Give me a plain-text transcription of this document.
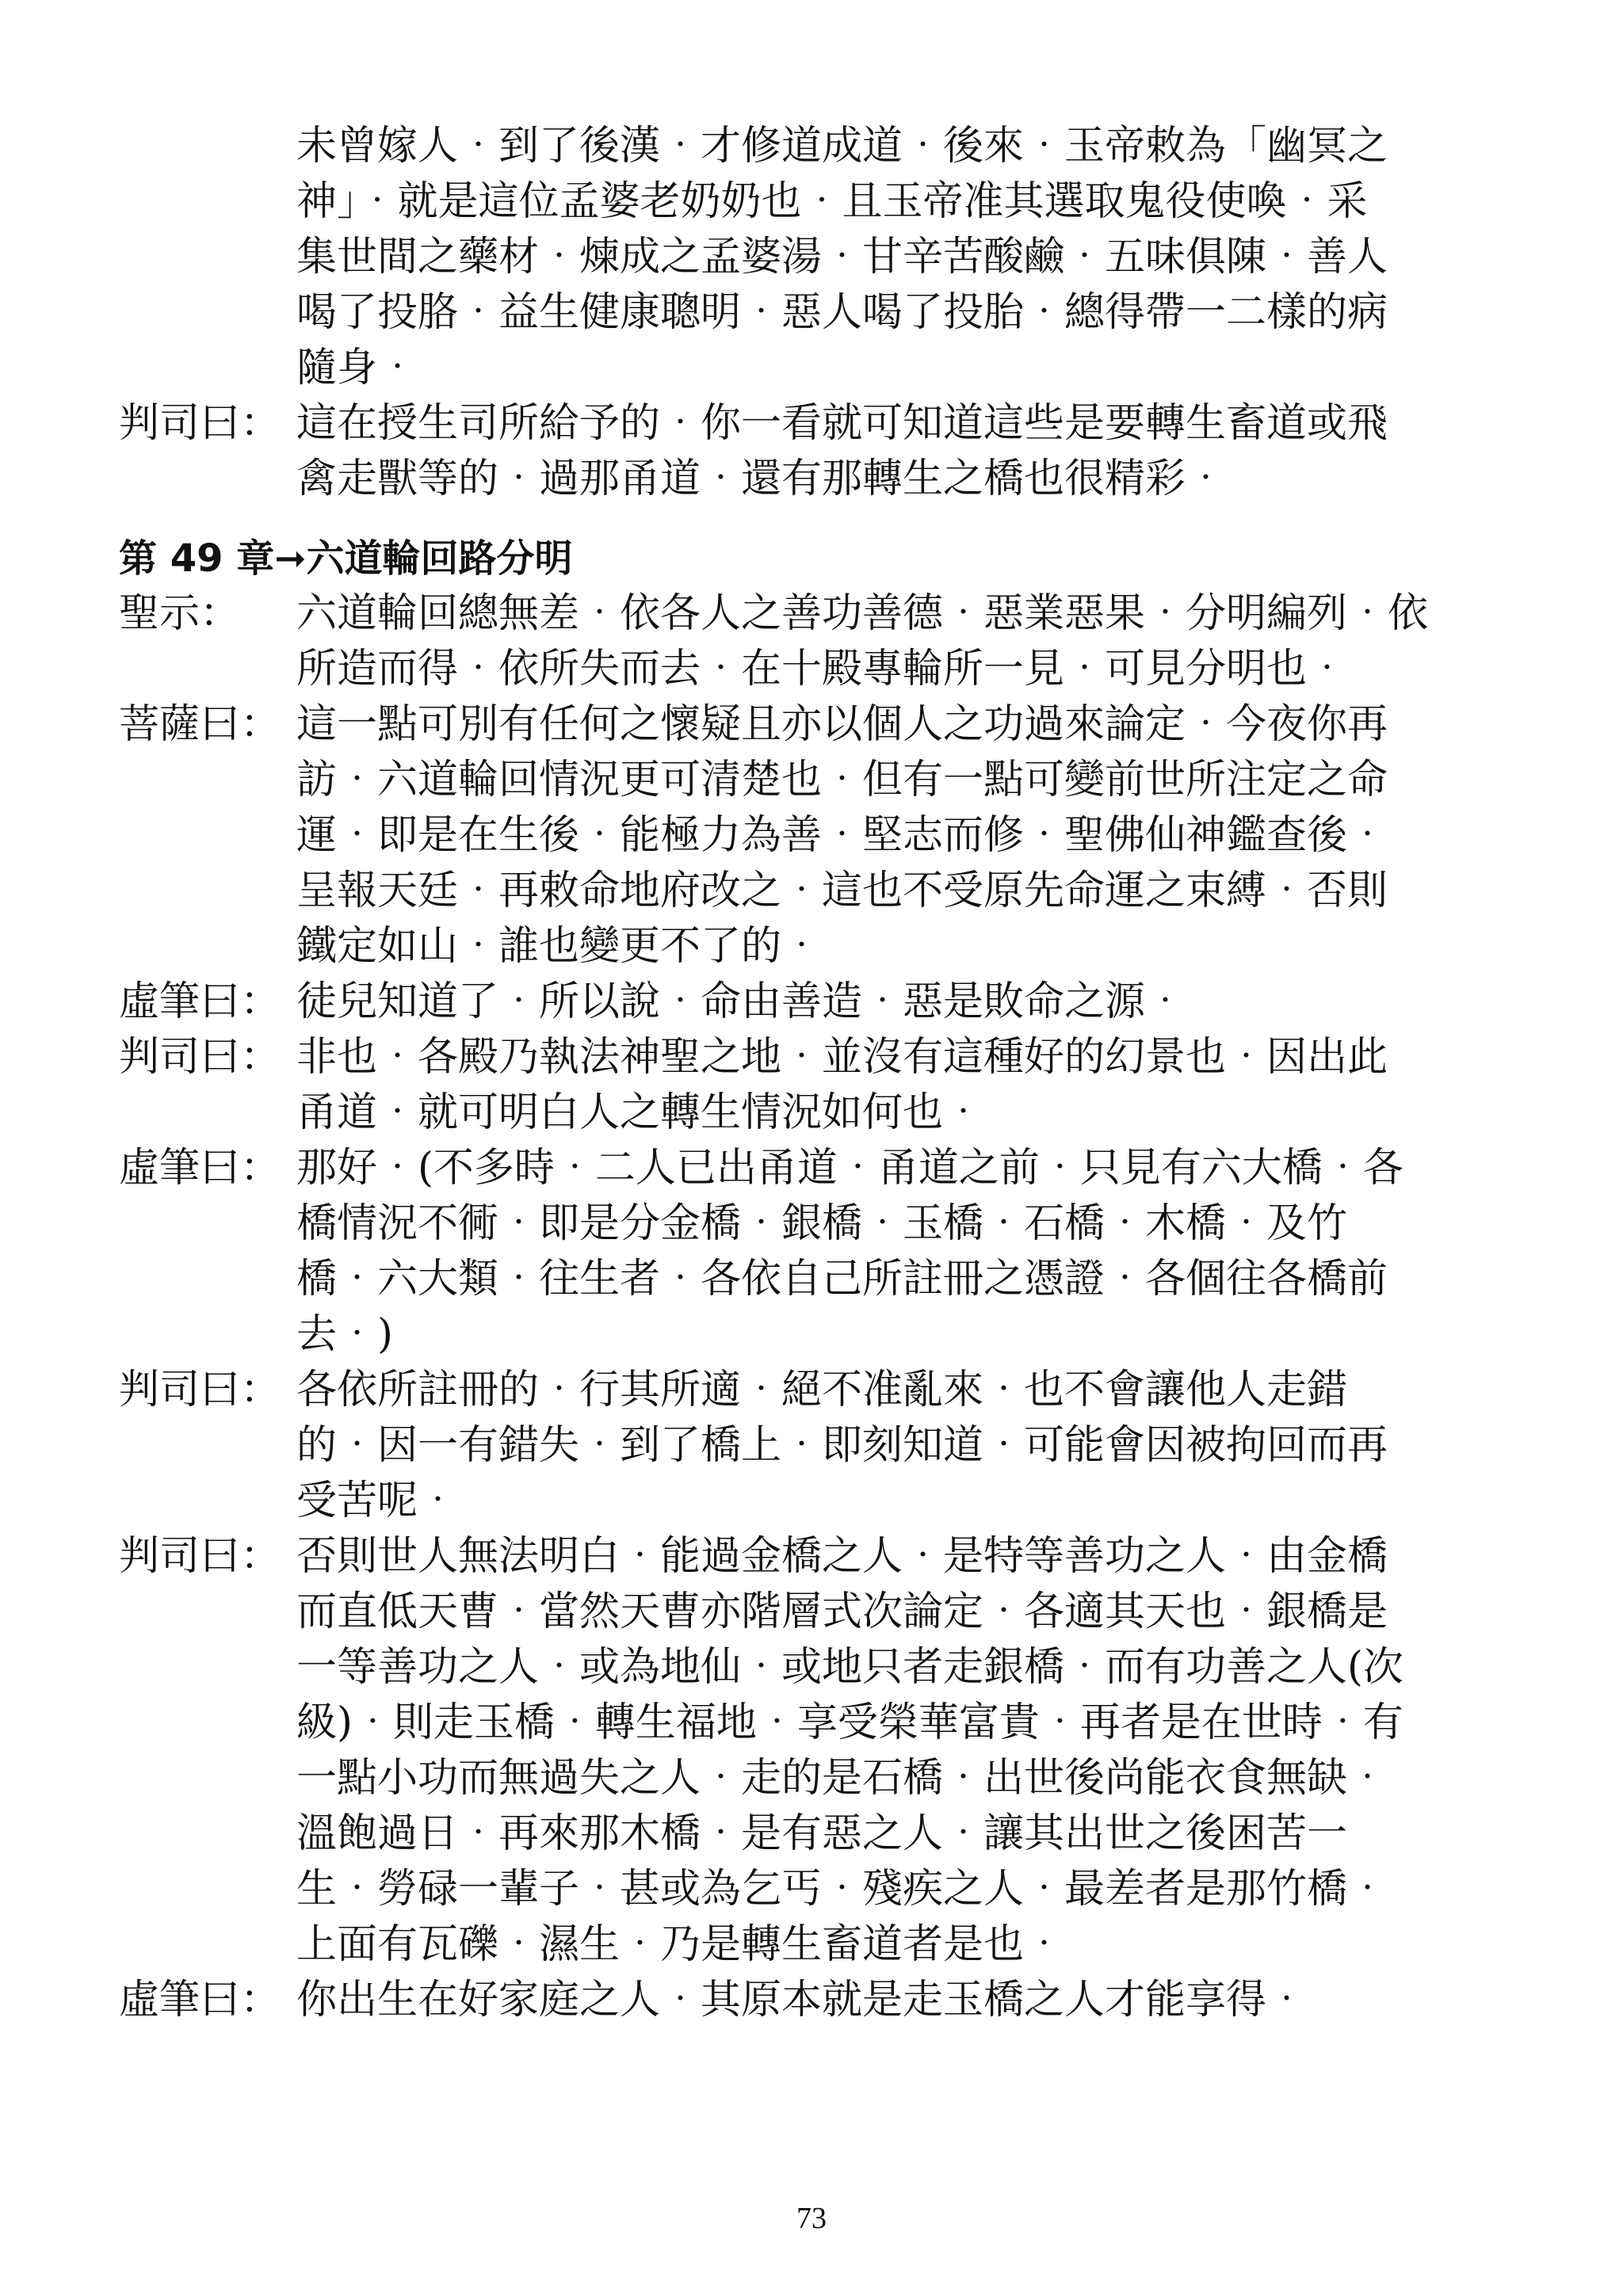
未曾嫁人‧到了後漢‧才修道成道‧後來‧玉帝敕為「幽冥之
神」‧就是這位孟婆老奶奶也‧且玉帝准其選取鬼役使喚‧采
集世間之藥材‧煉成之孟婆湯‧甘辛苦酸鹼‧五味俱陳‧善人
喝了投胳‧益生健康聰明‧惡人喝了投胎‧總得帶一二樣的病
隨身‧
判司曰： 這在授生司所給予的‧你一看就可知道這些是要轉生畜道或飛
禽走獸等的‧過那甬道‧還有那轉生之橋也很精彩‧
第 49 章➞六道輪回路分明
聖示：	六道輪回總無差‧依各人之善功善德‧惡業惡果‧分明編列‧依
所造而得‧依所失而去‧在十殿專輪所一見‧可見分明也‧
菩薩曰： 這一點可別有任何之懷疑且亦以個人之功過來論定‧今夜你再
訪‧六道輪回情況更可清楚也‧但有一點可變前世所注定之命
運‧即是在生後‧能極力為善‧堅志而修‧聖佛仙神鑑查後‧
呈報天廷‧再敕命地府改之‧這也不受原先命運之束縛‧否則
鐵定如山‧誰也變更不了的‧
虛筆曰： 徒兒知道了‧所以說‧命由善造‧惡是敗命之源‧
判司曰： 非也‧各殿乃執法神聖之地‧並沒有這種好的幻景也‧因出此
甬道‧就可明白人之轉生情況如何也‧
虛筆曰： 那好‧(不多時‧二人已出甬道‧甬道之前‧只見有六大橋‧各
橋情況不衕‧即是分金橋‧銀橋‧玉橋‧石橋‧木橋‧及竹
橋‧六大類‧往生者‧各依自己所註冊之憑證‧各個往各橋前
去‧)
判司曰： 各依所註冊的‧行其所適‧絕不准亂來‧也不會讓他人走錯
的‧因一有錯失‧到了橋上‧即刻知道‧可能會因被拘回而再
受苦呢‧
判司曰： 否則世人無法明白‧能過金橋之人‧是特等善功之人‧由金橋
而直低天曹‧當然天曹亦階層式次論定‧各適其天也‧銀橋是
一等善功之人‧或為地仙‧或地只者走銀橋‧而有功善之人(次
級)‧則走玉橋‧轉生福地‧享受榮華富貴‧再者是在世時‧有
一點小功而無過失之人‧走的是石橋‧出世後尚能衣食無缺‧
溫飽過日‧再來那木橋‧是有惡之人‧讓其出世之後困苦一
生‧勞碌一輩子‧甚或為乞丐‧殘疾之人‧最差者是那竹橋‧
上面有瓦礫‧濕生‧乃是轉生畜道者是也‧
虛筆曰： 你出生在好家庭之人‧其原本就是走玉橋之人才能享得‧
73
